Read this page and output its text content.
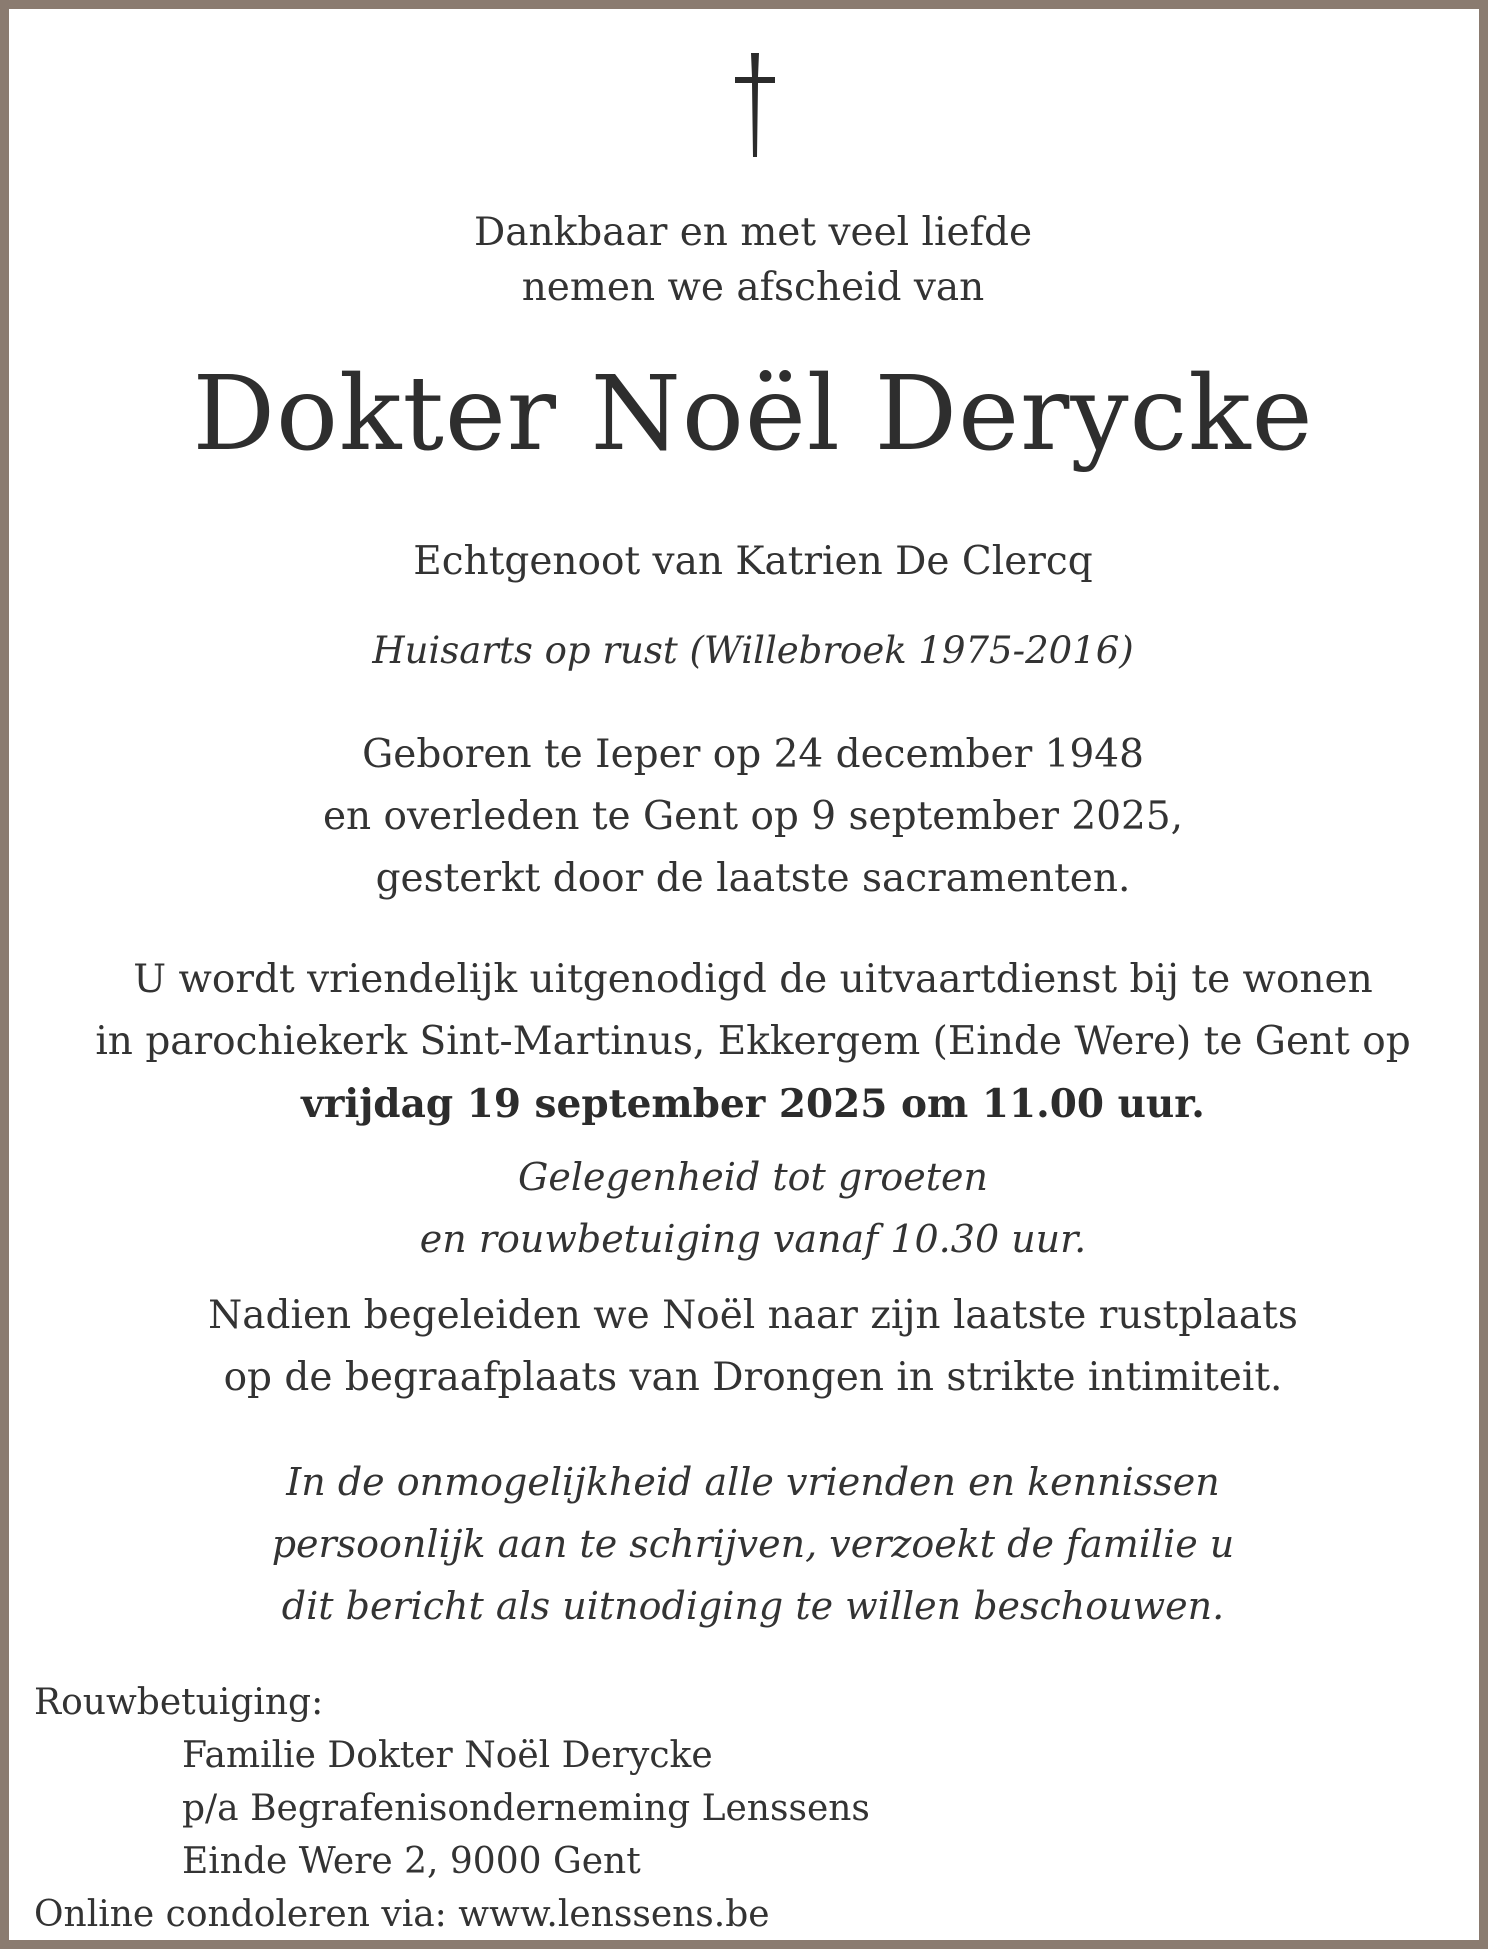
Dankbaar en met veel liefde
nemen we afscheid van
Dokter Noël Derycke
Echtgenoot van Katrien De Clercq
Huisarts op rust (Willebroek 1975-2016)
Geboren te Ieper op 24 december 1948
en overleden te Gent op 9 september 2025,
gesterkt door de laatste sacramenten.
U wordt vriendelijk uitgenodigd de uitvaartdienst bij te wonen
in parochiekerk Sint-Martinus, Ekkergem (Einde Were) te Gent op
vrijdag 19 september 2025 om 11.00 uur.
Gelegenheid tot groeten
en rouwbetuiging vanaf 10.30 uur.
Nadien begeleiden we Noël naar zijn laatste rustplaats
op de begraafplaats van Drongen in strikte intimiteit.
In de onmogelijkheid alle vrienden en kennissen
persoonlijk aan te schrijven, verzoekt de familie u
dit bericht als uitnodiging te willen beschouwen.
Rouwbetuiging:
Familie Dokter Noël Derycke
p/a Begrafenisonderneming Lenssens
Einde Were 2, 9000 Gent
Online condoleren via: www.lenssens.be
